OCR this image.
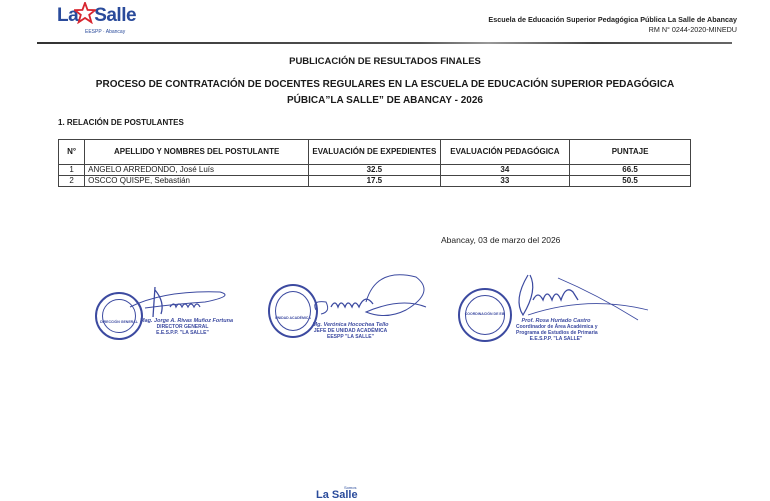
La Salle
EESPP · Abancay
Escuela de Educación Superior Pedagógica Pública La Salle de Abancay
RM N° 0244-2020-MINEDU
PUBLICACIÓN DE RESULTADOS FINALES
PROCESO DE CONTRATACIÓN DE DOCENTES REGULARES EN LA ESCUELA DE EDUCACIÓN SUPERIOR PEDAGÓGICA
PÚBICA”LA SALLE” DE ABANCAY - 2026
1. RELACIÓN DE POSTULANTES
N°	APELLIDO Y NOMBRES DEL POSTULANTE	EVALUACIÓN DE EXPEDIENTES	EVALUACIÓN PEDAGÓGICA	PUNTAJE
1	ANGELO ARREDONDO, José Luís	32.5	34	66.5
2	OSCCO QUISPE, Sebastián	17.5	33	50.5
Abancay, 03 de marzo del 2026
DIRECCIÓN GENERAL Mag. Jorge A. Rivas Muñoz Fortuna
DIRECTOR GENERAL
E.E.S.P.P. "LA SALLE"
UNIDAD ACADÉMICA
Mg. Verónica Hocochea Tello
JEFE DE UNIDAD ACADÉMICA
EESPP "LA SALLE"
COORDINACIÓN DE EIB
Prof. Rosa Hurtado Castro
Coordinador de Área Académica y
Programa de Estudios de Primaria
E.E.S.P.P. "LA SALLE"
Somos
La Salle
